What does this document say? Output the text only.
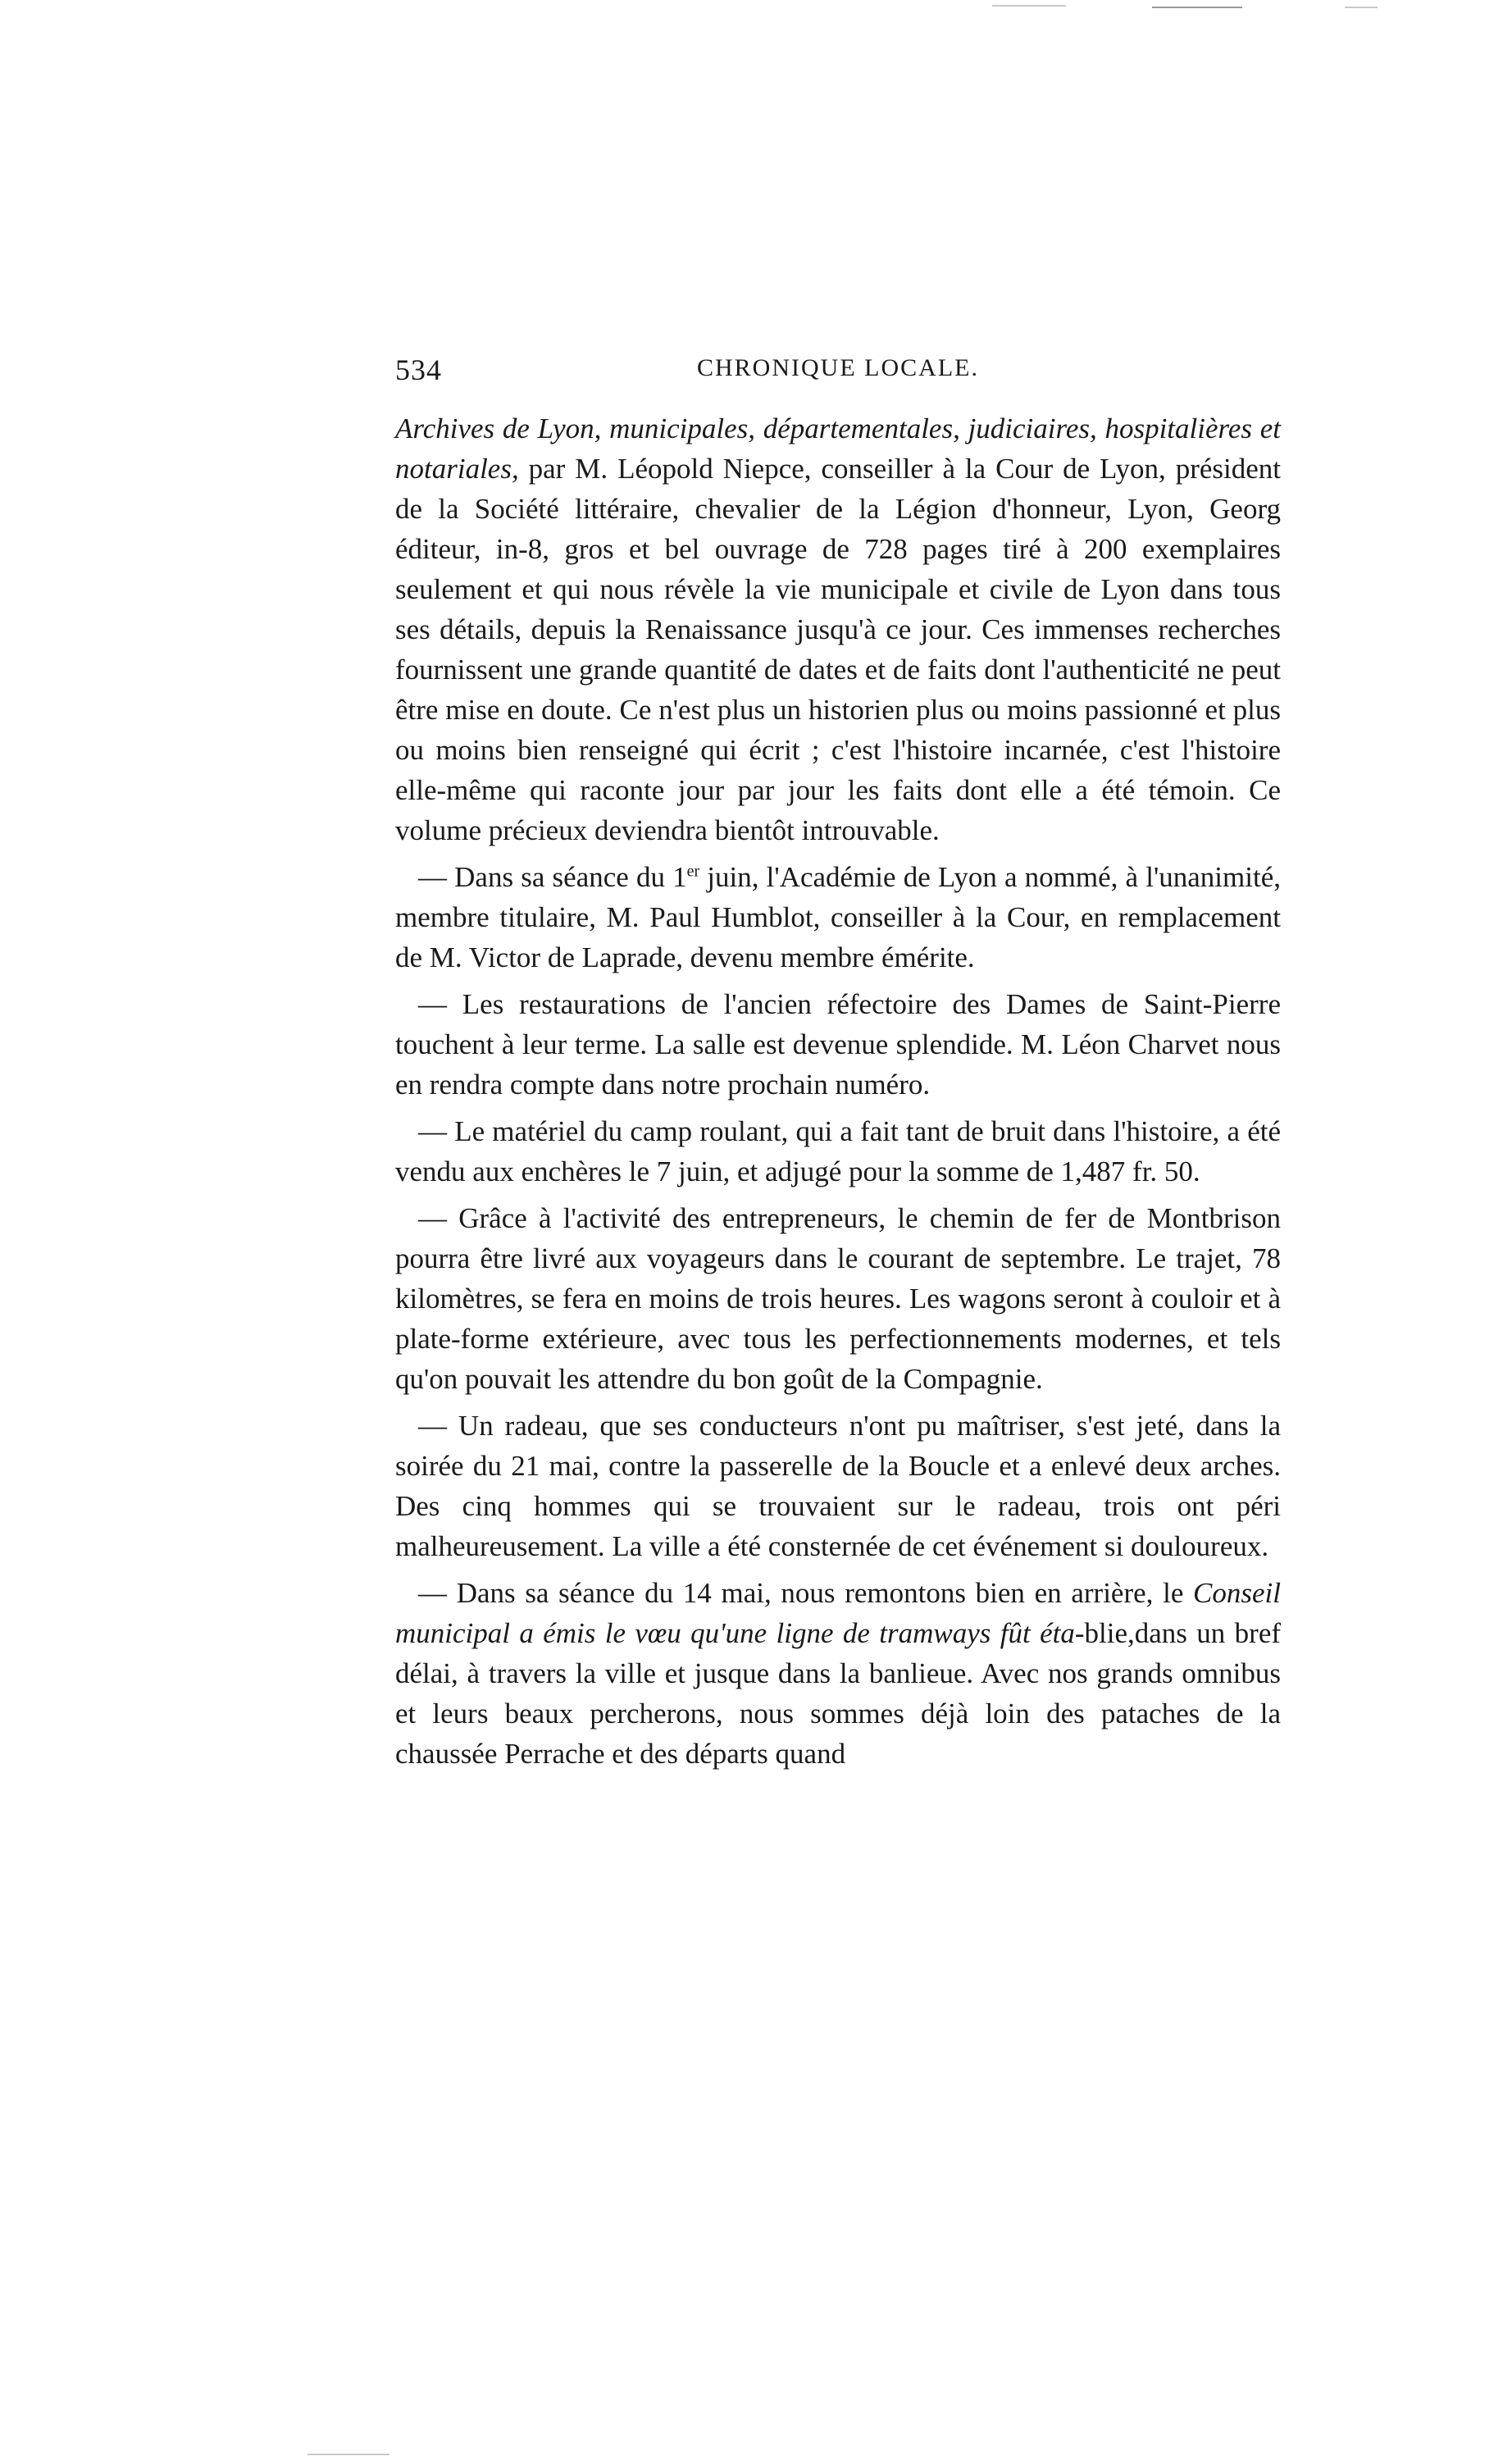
534	CHRONIQUE LOCALE.

Archives de Lyon, municipales, départementales, judiciaires, hospitalières et notariales, par M. Léopold Niepce, conseiller à la Cour de Lyon, président de la Société littéraire, chevalier de la Légion d'honneur, Lyon, Georg éditeur, in-8, gros et bel ouvrage de 728 pages tiré à 200 exemplaires seulement et qui nous révèle la vie municipale et civile de Lyon dans tous ses détails, depuis la Renaissance jusqu'à ce jour. Ces immenses recherches fournissent une grande quantité de dates et de faits dont l'authenticité ne peut être mise en doute. Ce n'est plus un historien plus ou moins passionné et plus ou moins bien renseigné qui écrit ; c'est l'histoire incarnée, c'est l'histoire elle-même qui raconte jour par jour les faits dont elle a été témoin. Ce volume précieux deviendra bientôt introuvable.

— Dans sa séance du 1er juin, l'Académie de Lyon a nommé, à l'unanimité, membre titulaire, M. Paul Humblot, conseiller à la Cour, en remplacement de M. Victor de Laprade, devenu membre émérite.

— Les restaurations de l'ancien réfectoire des Dames de Saint-Pierre touchent à leur terme. La salle est devenue splendide. M. Léon Charvet nous en rendra compte dans notre prochain numéro.

— Le matériel du camp roulant, qui a fait tant de bruit dans l'histoire, a été vendu aux enchères le 7 juin, et adjugé pour la somme de 1,487 fr. 50.

— Grâce à l'activité des entrepreneurs, le chemin de fer de Montbrison pourra être livré aux voyageurs dans le courant de septembre. Le trajet, 78 kilomètres, se fera en moins de trois heures. Les wagons seront à couloir et à plate-forme extérieure, avec tous les perfectionnements modernes, et tels qu'on pouvait les attendre du bon goût de la Compagnie.

— Un radeau, que ses conducteurs n'ont pu maîtriser, s'est jeté, dans la soirée du 21 mai, contre la passerelle de la Boucle et a enlevé deux arches. Des cinq hommes qui se trouvaient sur le radeau, trois ont péri malheureusement. La ville a été consternée de cet événement si douloureux.

— Dans sa séance du 14 mai, nous remontons bien en arrière, le Conseil municipal a émis le vœu qu'une ligne de tramways fût éta-blie,dans un bref délai, à travers la ville et jusque dans la banlieue. Avec nos grands omnibus et leurs beaux percherons, nous sommes déjà loin des pataches de la chaussée Perrache et des départs quand
